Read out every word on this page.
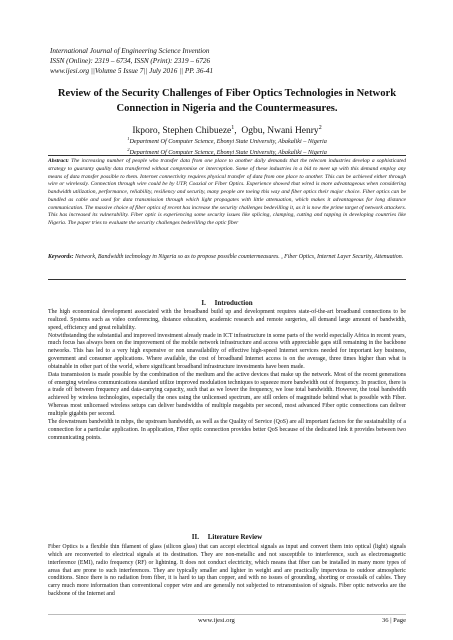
International Journal of Engineering Science Invention
ISSN (Online): 2319 – 6734, ISSN (Print): 2319 – 6726
www.ijesi.org ||Volume 5 Issue 7|| July 2016 || PP. 36-41
Review of the Security Challenges of Fiber Optics Technologies in Network Connection in Nigeria and the Countermeasures.
Ikporo, Stephen Chibueze$^1$,  Ogbu, Nwani Henry$^2$
$^1$Department Of Computer Science, Ebonyi State University, Abakaliki – Nigeria
$^2$Department Of Computer Science, Ebonyi State University, Abakaliki – Nigeria
Abstract: The increasing number of people who transfer data from one place to another daily demands that the telecom industries develop a sophisticated strategy to guaranty quality data transferred without compromise or interception. Some of these industries in a bid to meet up with this demand employ any means of data transfer possible to them. Internet connectivity requires physical transfer of data from one place to another. This can be achieved either through wire or wirelessly. Connection through wire could be by UTP, Coaxial or Fiber Optics. Experience showed that wired is more advantageous when considering bandwidth utilization, performance, reliability, resiliency and security, many people are toeing this way and fiber optics their major choice. Fiber optics can be bundled as cable and used for data transmission through which light propagates with little attenuation, which makes it advantageous for long distance communication. The massive choice of fiber optics of recent has increase the security challenges bedevilling it, as it is now the prime target of network attackers. This has increased its vulnerability. Fiber optic is experiencing some security issues like splicing, clamping, cutting and tapping in developing countries like Nigeria. The paper tries to evaluate the security challenges bedevilling the optic fiber
Keywords: Network, Bandwidth technology in Nigeria so as to propose possible countermeasures. , Fiber Optics, Internet Layer Security, Attenuation.
I.     Introduction

The high economical development associated with the broadband build up and development requires state-of-the-art broadband connections to be realized. Systems such as video conferencing, distance education, academic research and remote surgeries, all demand large amount of bandwidth, speed, efficiency and great reliability.

Notwithstanding the substantial and improved investment already made in ICT infrastructure in some parts of the world especially Africa in recent years, much focus has always been on the improvement of the mobile network infrastructure and access with appreciable gaps still remaining in the backbone networks. This has led to a very high expensive or non unavailability of effective high-speed Internet services needed for important key business, government and consumer applications. Where available, the cost of broadband Internet access is on the average, three times higher than what is obtainable in other part of the world, where significant broadband infrastructure investments have been made.

Data transmission is made possible by the combination of the medium and the active devices that make up the network. Most of the recent generations of emerging wireless communications standard utilize improved modulation techniques to squeeze more bandwidth out of frequency. In practice, there is a trade off between frequency and data-carrying capacity, such that as we lower the frequency, we lose total bandwidth. However, the total bandwidth achieved by wireless technologies, especially the ones using the unlicensed spectrum, are still orders of magnitude behind what is possible with Fiber. Whereas most unlicensed wireless setups can deliver bandwidths of multiple megabits per second, most advanced Fiber optic connections can deliver multiple gigabits per second.

The downstream bandwidth in mbps, the upstream bandwidth, as well as the Quality of Service (QoS) are all important factors for the sustainability of a connection for a particular application. In application, Fiber optic connection provides better QoS because of the dedicated link it provides between two communicating points.

II.     Literature Review

Fiber Optics is a flexible thin filament of glass (silicon glass) that can accept electrical signals as input and convert them into optical (light) signals which are reconverted to electrical signals at its destination. They are non-metallic and not susceptible to interference, such as electromagnetic interference (EMI), radio frequency (RF) or lightning. It does not conduct electricity, which means that fiber can be installed in many more types of areas that are prone to such interferences. They are typically smaller and lighter in weight and are practically impervious to outdoor atmospheric conditions. Since there is no radiation from fiber, it is hard to tap than copper, and with no issues of grounding, shorting or crosstalk of cables. They carry much more information than conventional copper wire and are generally not subjected to retransmission of signals. Fiber optic networks are the backbone of the Internet and

www.ijesi.org	36 | Page
